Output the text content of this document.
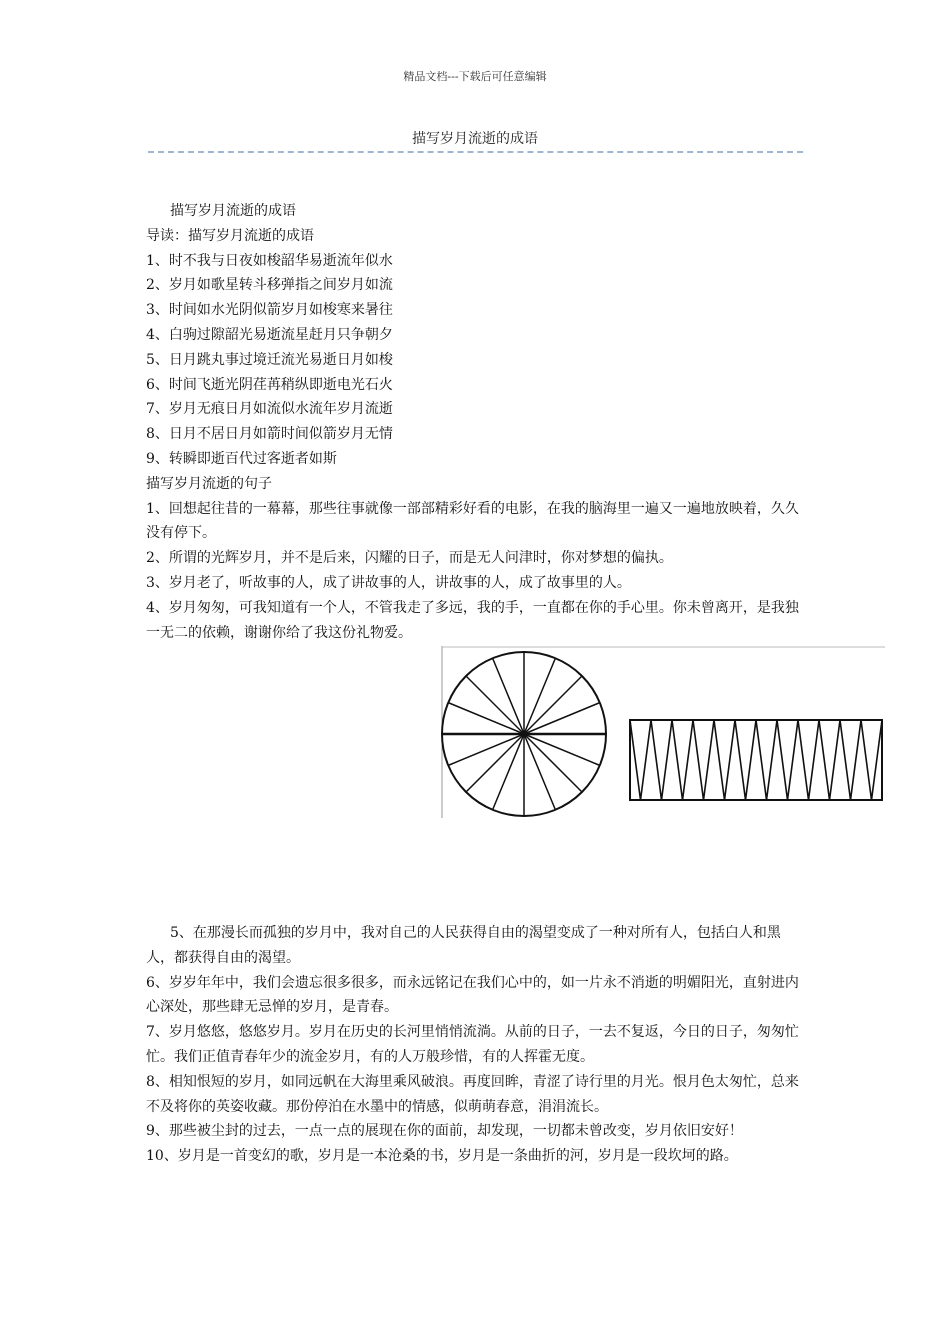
精品文档---下载后可任意编辑
描写岁月流逝的成语

描写岁月流逝的成语

导读：描写岁月流逝的成语

1、时不我与日夜如梭韶华易逝流年似水

2、岁月如歌星转斗移弹指之间岁月如流

3、时间如水光阴似箭岁月如梭寒来暑往

4、白驹过隙韶光易逝流星赶月只争朝夕

5、日月跳丸事过境迁流光易逝日月如梭

6、时间飞逝光阴荏苒稍纵即逝电光石火

7、岁月无痕日月如流似水流年岁月流逝

8、日月不居日月如箭时间似箭岁月无情

9、转瞬即逝百代过客逝者如斯

描写岁月流逝的句子

1、回想起往昔的一幕幕，那些往事就像一部部精彩好看的电影，在我的脑海里一遍又一遍地放映着，久久没有停下。

2、所谓的光辉岁月，并不是后来，闪耀的日子，而是无人问津时，你对梦想的偏执。

3、岁月老了，听故事的人，成了讲故事的人，讲故事的人，成了故事里的人。

4、岁月匆匆，可我知道有一个人，不管我走了多远，我的手，一直都在你的手心里。你未曾离开，是我独一无二的依赖，谢谢你给了我这份礼物爱。

5、在那漫长而孤独的岁月中，我对自己的人民获得自由的渴望变成了一种对所有人，包括白人和黑人，都获得自由的渴望。

6、岁岁年年中，我们会遗忘很多很多，而永远铭记在我们心中的，如一片永不消逝的明媚阳光，直射进内心深处，那些肆无忌惮的岁月，是青春。

7、岁月悠悠，悠悠岁月。岁月在历史的长河里悄悄流淌。从前的日子，一去不复返，今日的日子，匆匆忙忙。我们正值青春年少的流金岁月，有的人万般珍惜，有的人挥霍无度。

8、相知恨短的岁月，如同远帆在大海里乘风破浪。再度回眸，青涩了诗行里的月光。恨月色太匆忙，总来不及将你的英姿收藏。那份停泊在水墨中的情感，似萌萌春意，涓涓流长。

9、那些被尘封的过去，一点一点的展现在你的面前，却发现，一切都未曾改变，岁月依旧安好！

10、岁月是一首变幻的歌，岁月是一本沧桑的书，岁月是一条曲折的河，岁月是一段坎坷的路。
